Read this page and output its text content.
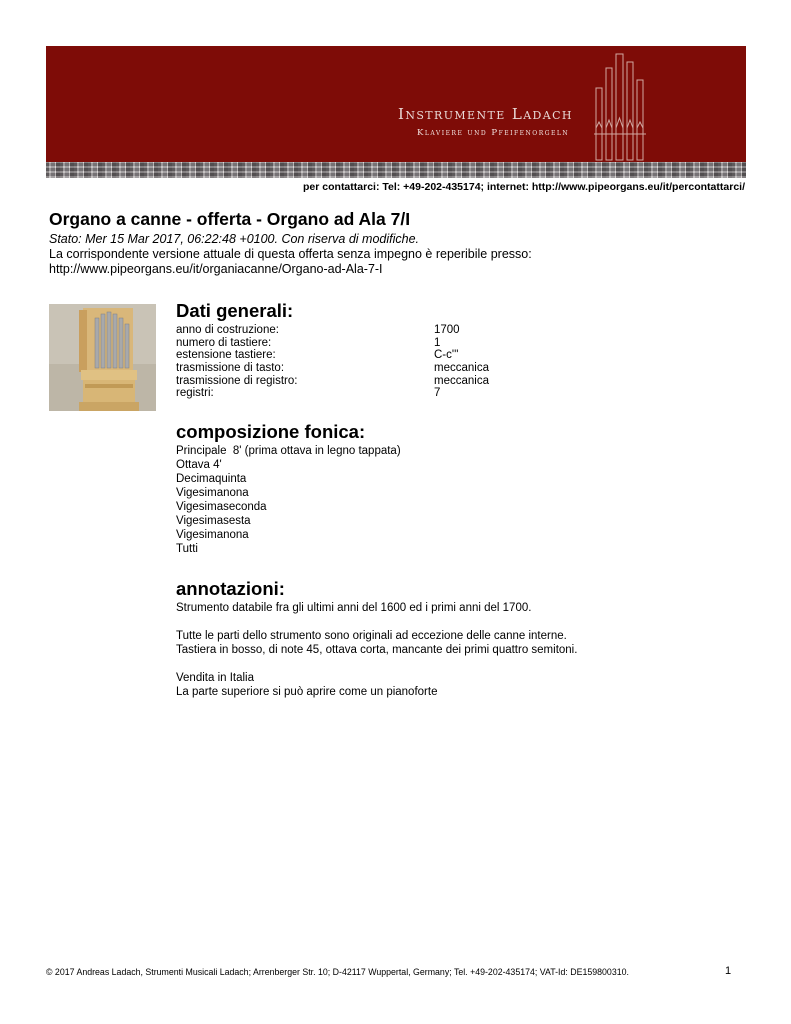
Instrumente Ladach
Klaviere und Pfeifenorgeln
per contattarci: Tel: +49-202-435174; internet: http://www.pipeorgans.eu/it/percontattarci/
Organo a canne - offerta - Organo ad Ala 7/I
Stato: Mer 15 Mar 2017, 06:22:48 +0100. Con riserva di modifiche.
La corrispondente versione attuale di questa offerta senza impegno è reperibile presso:
http://www.pipeorgans.eu/it/organiacanne/Organo-ad-Ala-7-I
Dati generali:
anno di costruzione:	1700
numero di tastiere:	1
estensione tastiere:	C-c'''
trasmissione di tasto:	meccanica
trasmissione di registro:	meccanica
registri:	7
composizione fonica:
Principale  8' (prima ottava in legno tappata)
Ottava 4'
Decimaquinta
Vigesimanona
Vigesimaseconda
Vigesimasesta
Vigesimanona
Tutti
annotazioni:
Strumento databile fra gli ultimi anni del 1600 ed i primi anni del 1700.
Tutte le parti dello strumento sono originali ad eccezione delle canne interne.
Tastiera in bosso, di note 45, ottava corta, mancante dei primi quattro semitoni.
Vendita in Italia
La parte superiore si può aprire come un pianoforte
© 2017 Andreas Ladach, Strumenti Musicali Ladach; Arrenberger Str. 10; D-42117 Wuppertal, Germany; Tel. +49-202-435174; VAT-Id: DE159800310.	1
